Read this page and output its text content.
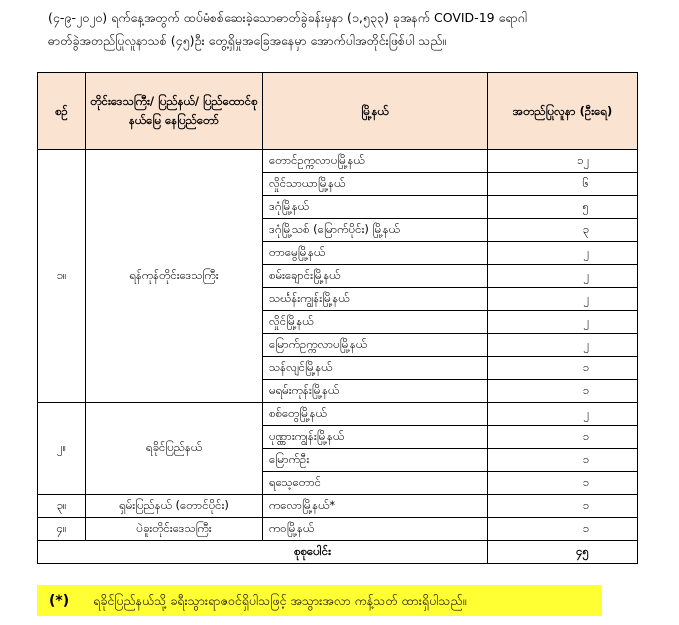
(၄-၉-၂၀၂၀) ရက်နေ့အတွက် ထပ်မံစစ်ဆေးခဲ့သောဓာတ်ခွဲခန်းမှနာ (၁,၅၃၃) ခုအနက် COVID-19 ရောဂါ
ဓာတ်ခွဲအတည်ပြုလူနာသစ် (၄၅)ဦး တွေ့ရှိမှုအခြေအနေမှာ အောက်ပါအတိုင်းဖြစ်ပါ သည်။
စဉ်	တိုင်းဒေသကြီး/ ပြည်နယ်/ ပြည်ထောင်စုနယ်မြေ နေပြည်တော်	မြို့နယ်	အတည်ပြုလူနာ (ဦးရေ)
၁။	ရန်ကုန်တိုင်းဒေသကြီး	တောင်ဥက္ကလာပမြို့နယ်	၁၂
		လှိုင်သာယာမြို့နယ်	၆
		ဒဂုံမြို့နယ်	၅
		ဒဂုံမြို့သစ် (မြောက်ပိုင်း) မြို့နယ်	၃
		တာမွေမြို့နယ်	၂
		စမ်းချောင်းမြို့နယ်	၂
		သင်္ဃန်းကျွန်းမြို့နယ်	၂
		လှိုင်မြို့နယ်	၂
		မြောက်ဥက္ကလာပမြို့နယ်	၂
		သန်လျင်မြို့နယ်	၁
		မရမ်းကုန်းမြို့နယ်	၁
၂။	ရခိုင်ပြည်နယ်	စစ်တွေမြို့နယ်	၂
		ပုဏ္ဏားကျွန်းမြို့နယ်	၁
		မြောက်ဦး	၁
		ရသေ့တောင်	၁
၃။	ရှမ်းပြည်နယ် (တောင်ပိုင်း)	ကလောမြို့နယ်*	၁
၄။	ပဲခူးတိုင်းဒေသကြီး	ကဝမြို့နယ်	၁
စုစုပေါင်း			၄၅
(*) ရခိုင်ပြည်နယ်သို့ ခရီးသွားရာဇဝင်ရှိပါသဖြင့် အသွားအလာ ကန့်သတ် ထားရှိပါသည်။
